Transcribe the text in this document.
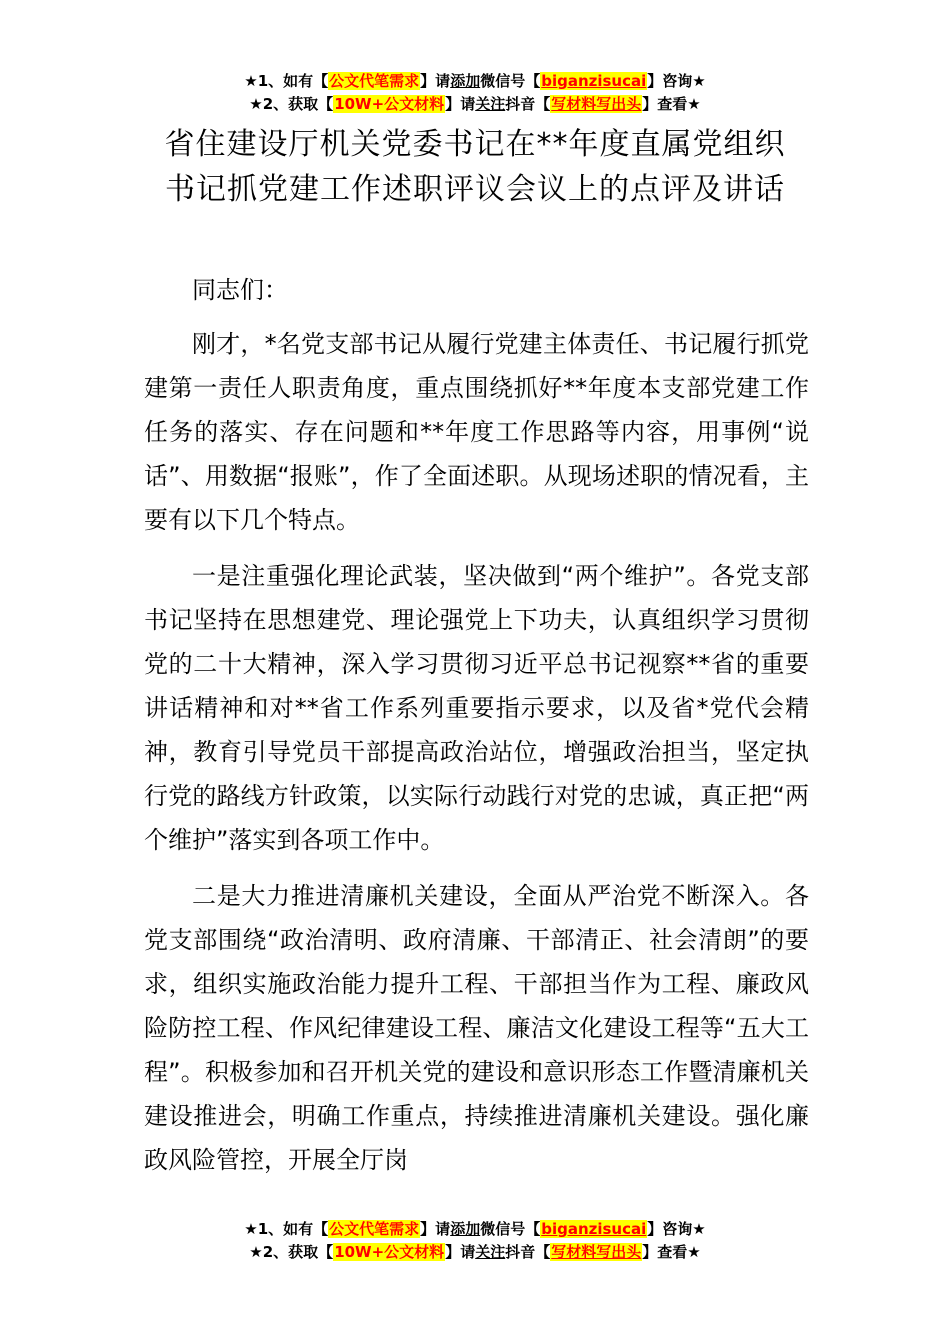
★1、如有【公文代笔需求】请添加微信号【biganzisucai】咨询★
★2、获取【10W+公文材料】请关注抖音【写材料写出头】查看★
省住建设厅机关党委书记在**年度直属党组织书记抓党建工作述职评议会议上的点评及讲话

同志们：

刚才，*名党支部书记从履行党建主体责任、书记履行抓党建第一责任人职责角度，重点围绕抓好**年度本支部党建工作任务的落实、存在问题和**年度工作思路等内容，用事例“说话”、用数据“报账”，作了全面述职。从现场述职的情况看，主要有以下几个特点。

一是注重强化理论武装，坚决做到“两个维护”。各党支部书记坚持在思想建党、理论强党上下功夫，认真组织学习贯彻党的二十大精神，深入学习贯彻习近平总书记视察**省的重要讲话精神和对**省工作系列重要指示要求，以及省*党代会精神，教育引导党员干部提高政治站位，增强政治担当，坚定执行党的路线方针政策，以实际行动践行对党的忠诚，真正把“两个维护”落实到各项工作中。

二是大力推进清廉机关建设，全面从严治党不断深入。各党支部围绕“政治清明、政府清廉、干部清正、社会清朗”的要求，组织实施政治能力提升工程、干部担当作为工程、廉政风险防控工程、作风纪律建设工程、廉洁文化建设工程等“五大工程”。积极参加和召开机关党的建设和意识形态工作暨清廉机关建设推进会，明确工作重点，持续推进清廉机关建设。强化廉政风险管控，开展全厅岗

★1、如有【公文代笔需求】请添加微信号【biganzisucai】咨询★
★2、获取【10W+公文材料】请关注抖音【写材料写出头】查看★
